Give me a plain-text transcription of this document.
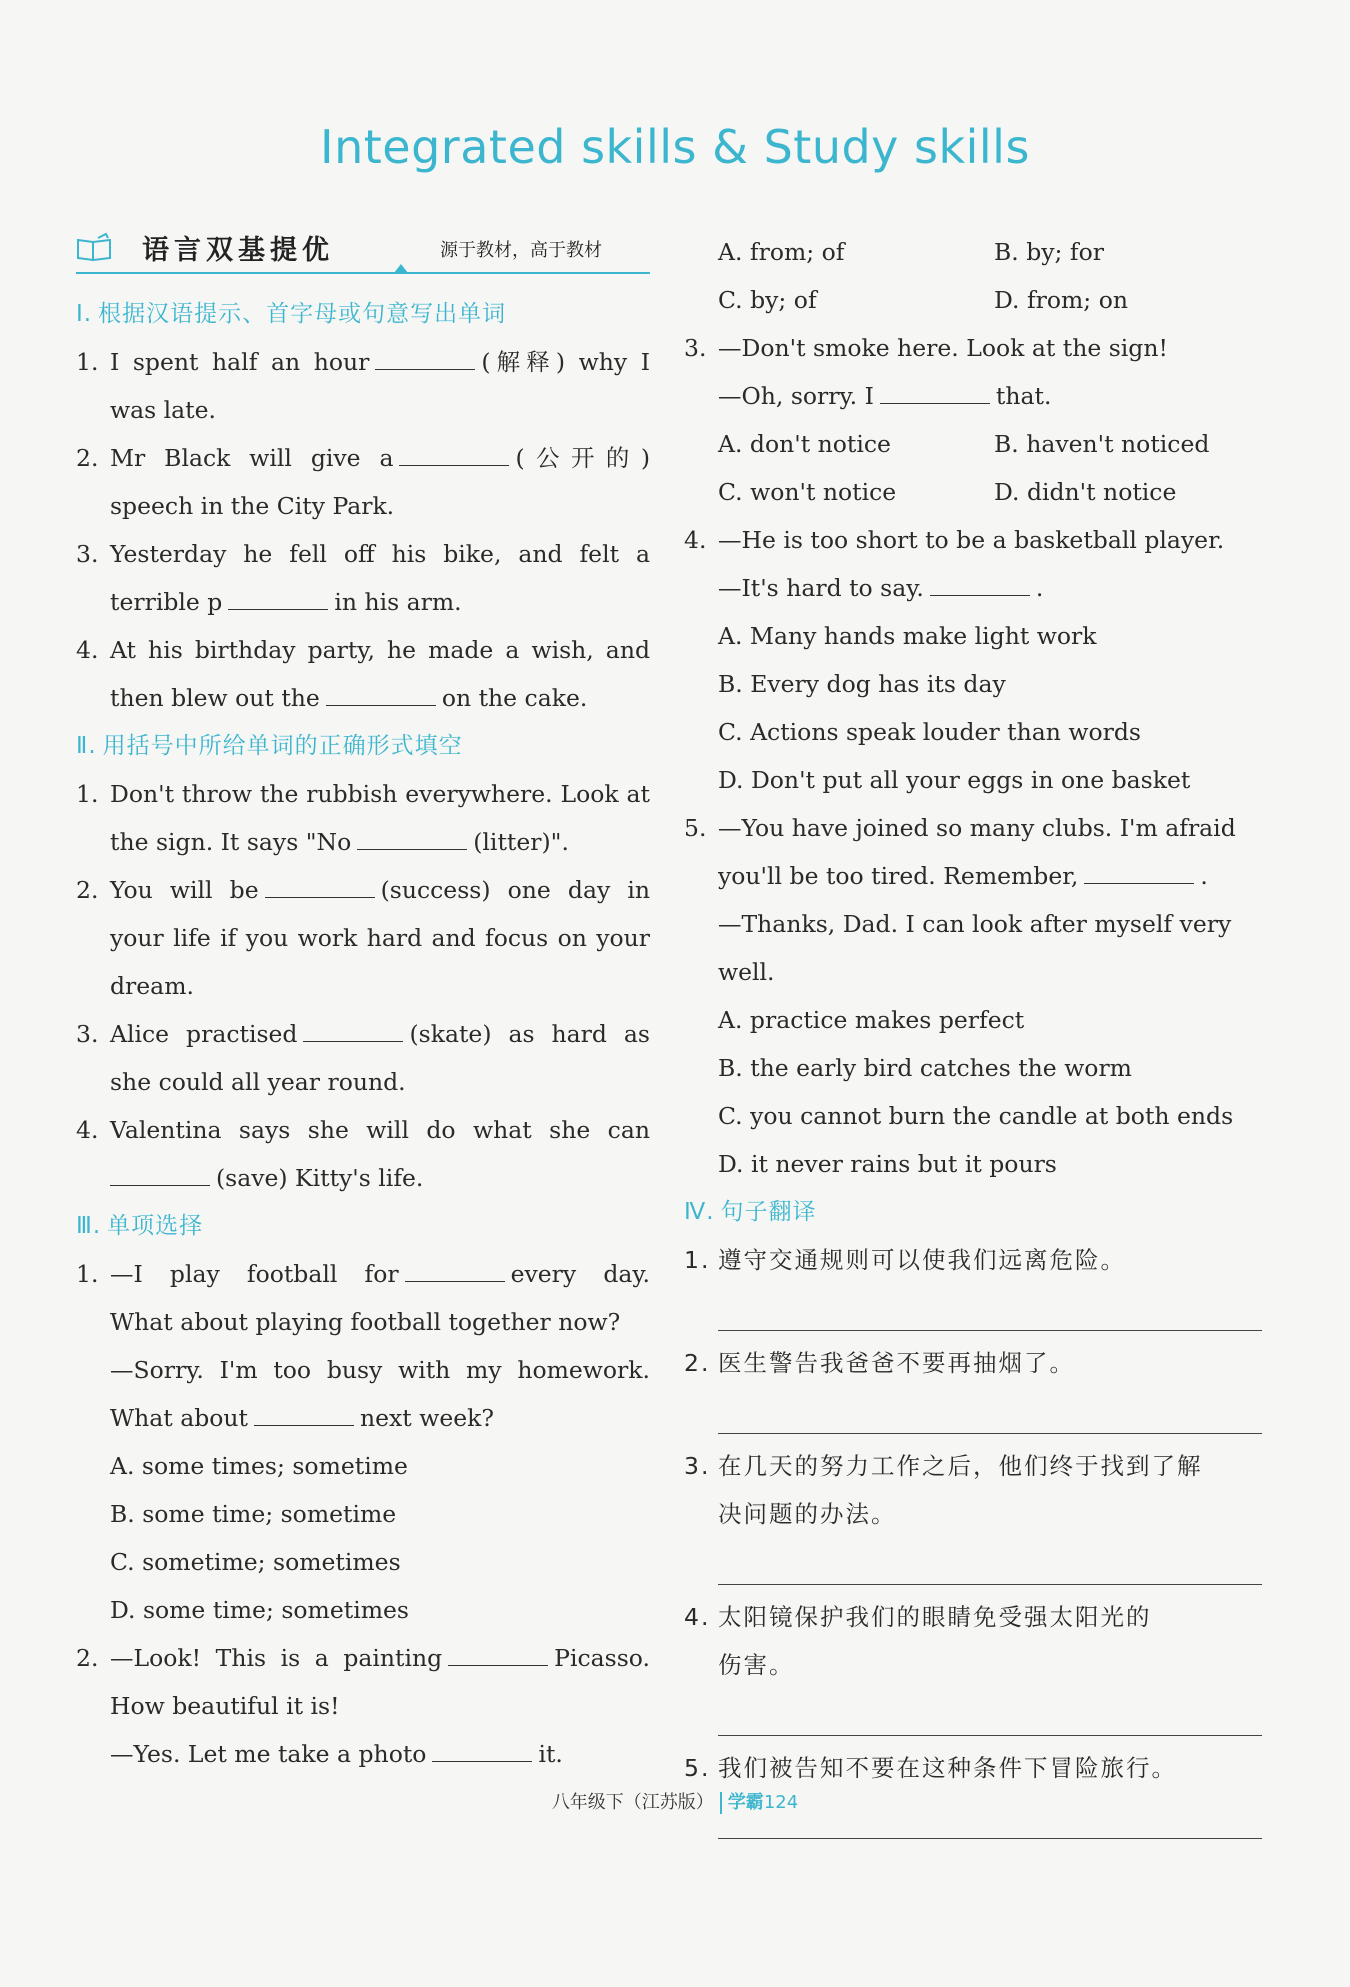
Integrated skills & Study skills
语言双基提优	源于教材，高于教材
Ⅰ. 根据汉语提示、首字母或句意写出单词
1. I spent half an hour	(解释) why I
was late.
2. Mr Black will give a	(公开的)
speech in the City Park.
3. Yesterday he fell off his bike, and felt a
terrible p	in his arm.
4. At his birthday party, he made a wish, and
then blew out the	on the cake.
Ⅱ. 用括号中所给单词的正确形式填空
1. Don't throw the rubbish everywhere. Look at
the sign. It says "No	(litter)".
2. You will be	(success) one day in
your life if you work hard and focus on your
dream.
3. Alice practised	(skate) as hard as
she could all year round.
4. Valentina says she will do what she can
(save) Kitty's life.
Ⅲ. 单项选择
1. —I play football for	every day.
What about playing football together now?
—Sorry. I'm too busy with my homework.
What about	next week?
A. some times; sometime
B. some time; sometime
C. sometime; sometimes
D. some time; sometimes
2. —Look! This is a painting	Picasso.
How beautiful it is!
—Yes. Let me take a photo	it.
A. from; of	B. by; for
C. by; of	D. from; on
3. —Don't smoke here. Look at the sign!
—Oh, sorry. I	that.
A. don't notice	B. haven't noticed
C. won't notice	D. didn't notice
4. —He is too short to be a basketball player.
—It's hard to say.	.
A. Many hands make light work
B. Every dog has its day
C. Actions speak louder than words
D. Don't put all your eggs in one basket
5. —You have joined so many clubs. I'm afraid
you'll be too tired. Remember,	.
—Thanks, Dad. I can look after myself very
well.
A. practice makes perfect
B. the early bird catches the worm
C. you cannot burn the candle at both ends
D. it never rains but it pours
Ⅳ. 句子翻译
1. 遵守交通规则可以使我们远离危险。
2. 医生警告我爸爸不要再抽烟了。
3. 在几天的努力工作之后，他们终于找到了解
决问题的办法。
4. 太阳镜保护我们的眼睛免受强太阳光的
伤害。
5. 我们被告知不要在这种条件下冒险旅行。
八年级下（江苏版） 学霸124
